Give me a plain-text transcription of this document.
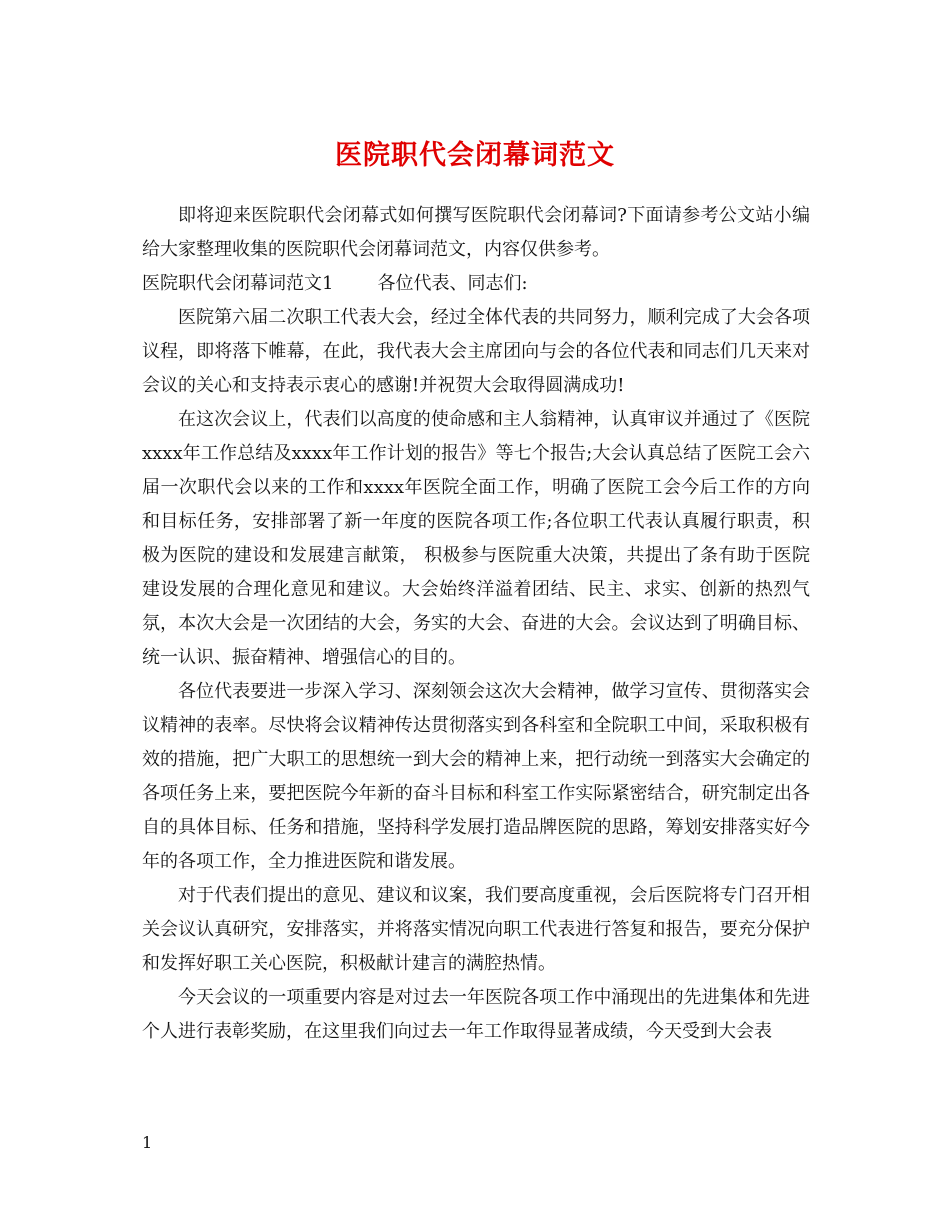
医院职代会闭幕词范文

即将迎来医院职代会闭幕式如何撰写医院职代会闭幕词?下面请参考公文站小编给大家整理收集的医院职代会闭幕词范文，内容仅供参考。

医院职代会闭幕词范文1 各位代表、同志们:

医院第六届二次职工代表大会，经过全体代表的共同努力，顺利完成了大会各项议程，即将落下帷幕，在此，我代表大会主席团向与会的各位代表和同志们几天来对会议的关心和支持表示衷心的感谢!并祝贺大会取得圆满成功!

在这次会议上，代表们以高度的使命感和主人翁精神，认真审议并通过了《医院xxxx年工作总结及xxxx年工作计划的报告》等七个报告;大会认真总结了医院工会六届一次职代会以来的工作和xxxx年医院全面工作，明确了医院工会今后工作的方向和目标任务，安排部署了新一年度的医院各项工作;各位职工代表认真履行职责，积极为医院的建设和发展建言献策， 积极参与医院重大决策，共提出了条有助于医院建设发展的合理化意见和建议。大会始终洋溢着团结、民主、求实、创新的热烈气氛，本次大会是一次团结的大会，务实的大会、奋进的大会。会议达到了明确目标、统一认识、振奋精神、增强信心的目的。

各位代表要进一步深入学习、深刻领会这次大会精神，做学习宣传、贯彻落实会议精神的表率。尽快将会议精神传达贯彻落实到各科室和全院职工中间，采取积极有效的措施，把广大职工的思想统一到大会的精神上来，把行动统一到落实大会确定的各项任务上来，要把医院今年新的奋斗目标和科室工作实际紧密结合，研究制定出各自的具体目标、任务和措施，坚持科学发展打造品牌医院的思路，筹划安排落实好今年的各项工作，全力推进医院和谐发展。

对于代表们提出的意见、建议和议案，我们要高度重视，会后医院将专门召开相关会议认真研究，安排落实，并将落实情况向职工代表进行答复和报告，要充分保护和发挥好职工关心医院，积极献计建言的满腔热情。

今天会议的一项重要内容是对过去一年医院各项工作中涌现出的先进集体和先进个人进行表彰奖励，在这里我们向过去一年工作取得显著成绩，今天受到大会表

1
